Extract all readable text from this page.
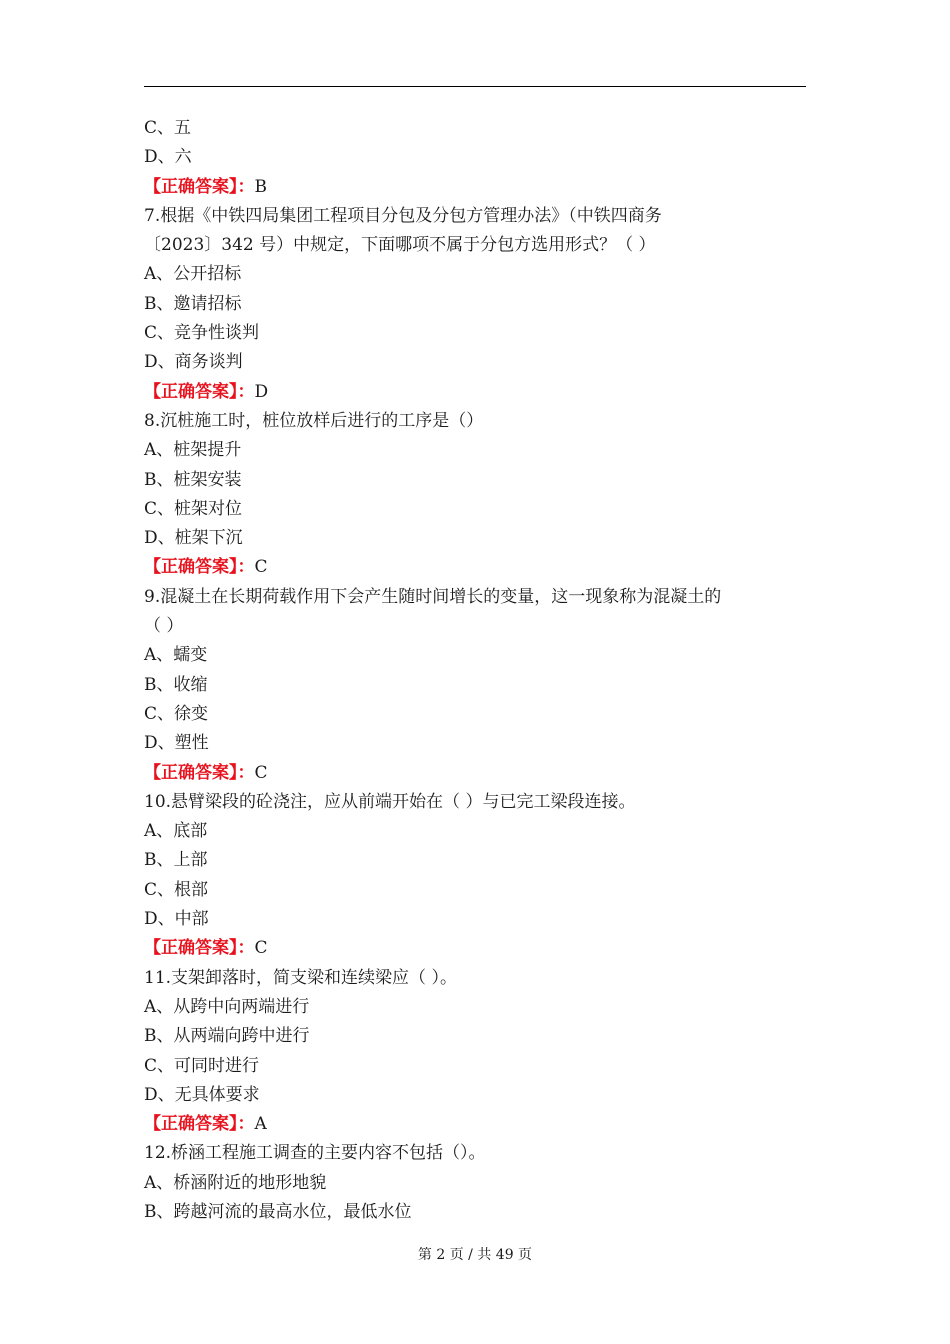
C、五
D、六
【正确答案】：B
7.根据《中铁四局集团工程项目分包及分包方管理办法》（中铁四商务
〔2023〕342 号）中规定，下面哪项不属于分包方选用形式？（ ）
A、公开招标
B、邀请招标
C、竞争性谈判
D、商务谈判
【正确答案】：D
8.沉桩施工时，桩位放样后进行的工序是（）
A、桩架提升
B、桩架安装
C、桩架对位
D、桩架下沉
【正确答案】：C
9.混凝土在长期荷载作用下会产生随时间增长的变量，这一现象称为混凝土的
（ ）
A、蠕变
B、收缩
C、徐变
D、塑性
【正确答案】：C
10.悬臂梁段的砼浇注，应从前端开始在（ ）与已完工梁段连接。
A、底部
B、上部
C、根部
D、中部
【正确答案】：C
11.支架卸落时，简支梁和连续梁应（ ）。
A、从跨中向两端进行
B、从两端向跨中进行
C、可同时进行
D、无具体要求
【正确答案】：A
12.桥涵工程施工调查的主要内容不包括（）。
A、桥涵附近的地形地貌
B、跨越河流的最高水位，最低水位
第 2 页 / 共 49 页
